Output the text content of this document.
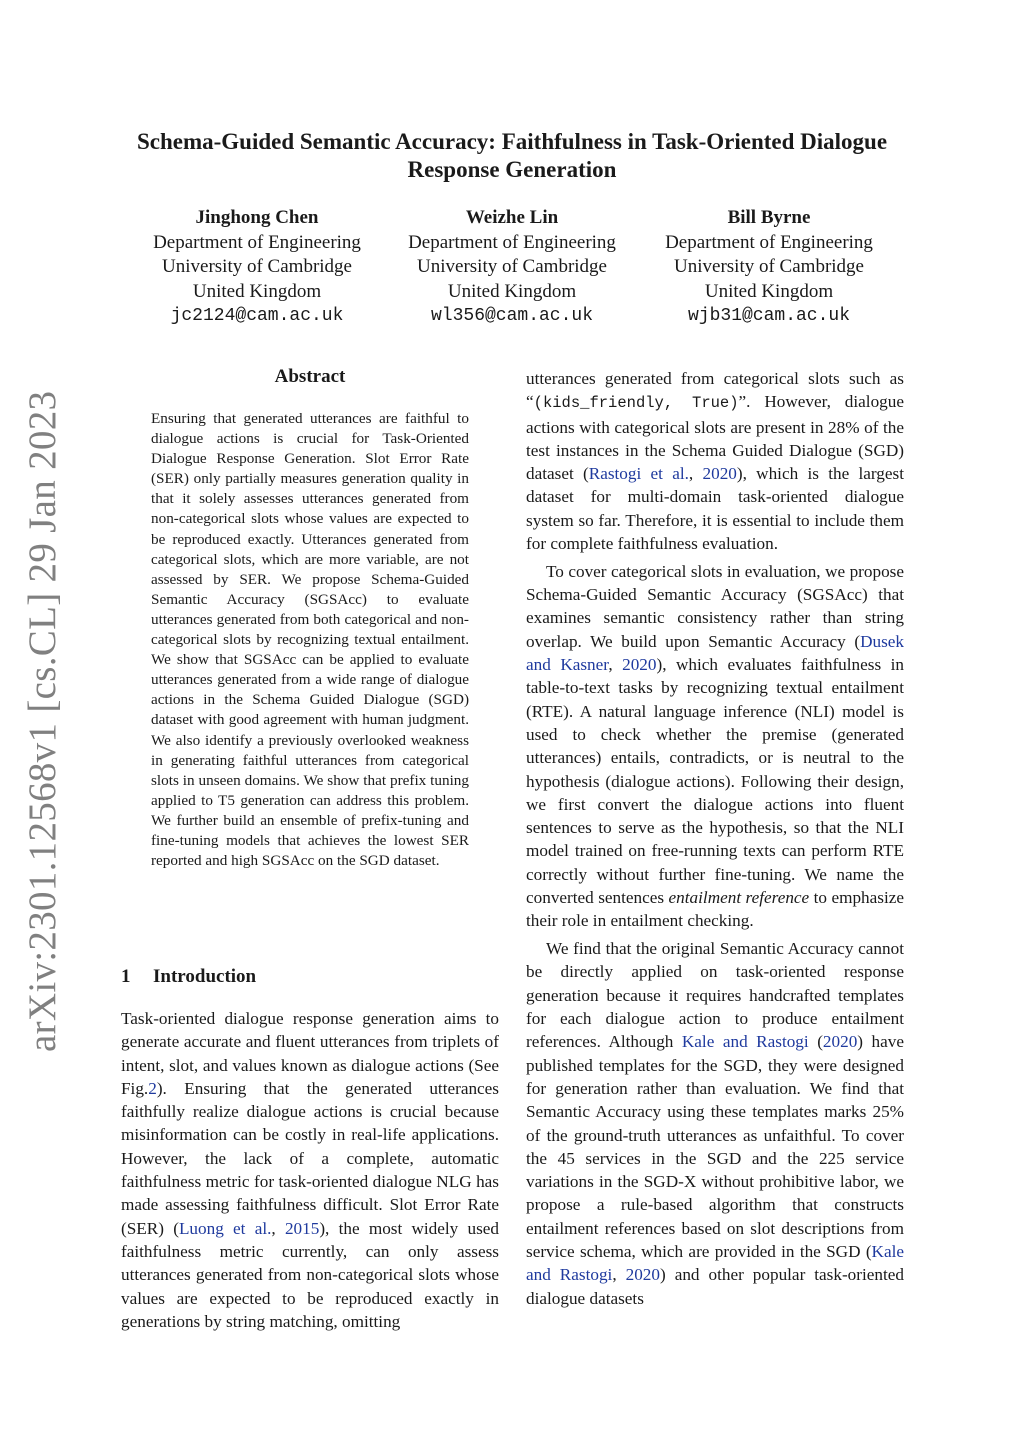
Schema-Guided Semantic Accuracy: Faithfulness in Task-Oriented Dialogue Response Generation
Jinghong Chen
Department of Engineering
University of Cambridge
United Kingdom
jc2124@cam.ac.uk
Weizhe Lin
Department of Engineering
University of Cambridge
United Kingdom
wl356@cam.ac.uk
Bill Byrne
Department of Engineering
University of Cambridge
United Kingdom
wjb31@cam.ac.uk
arXiv:2301.12568v1 [cs.CL] 29 Jan 2023
Abstract
Ensuring that generated utterances are faithful to dialogue actions is crucial for Task-Oriented Dialogue Response Generation. Slot Error Rate (SER) only partially measures generation quality in that it solely assesses utterances generated from non-categorical slots whose values are expected to be reproduced exactly. Utterances generated from categorical slots, which are more variable, are not assessed by SER. We propose Schema-Guided Semantic Accuracy (SGSAcc) to evaluate utterances generated from both categorical and non-categorical slots by recognizing textual entailment. We show that SGSAcc can be applied to evaluate utterances generated from a wide range of dialogue actions in the Schema Guided Dialogue (SGD) dataset with good agreement with human judgment. We also identify a previously overlooked weakness in generating faithful utterances from categorical slots in unseen domains. We show that prefix tuning applied to T5 generation can address this problem. We further build an ensemble of prefix-tuning and fine-tuning models that achieves the lowest SER reported and high SGSAcc on the SGD dataset.
1 Introduction

Task-oriented dialogue response generation aims to generate accurate and fluent utterances from triplets of intent, slot, and values known as dialogue actions (See Fig.2). Ensuring that the generated utterances faithfully realize dialogue actions is crucial because misinformation can be costly in real-life applications. However, the lack of a complete, automatic faithfulness metric for task-oriented dialogue NLG has made assessing faithfulness difficult. Slot Error Rate (SER) (Luong et al., 2015), the most widely used faithfulness metric currently, can only assess utterances generated from non-categorical slots whose values are expected to be reproduced exactly in generations by string matching, omitting

utterances generated from categorical slots such as “(kids_friendly, True)”. However, dialogue actions with categorical slots are present in 28% of the test instances in the Schema Guided Dialogue (SGD) dataset (Rastogi et al., 2020), which is the largest dataset for multi-domain task-oriented dialogue system so far. Therefore, it is essential to include them for complete faithfulness evaluation.

To cover categorical slots in evaluation, we propose Schema-Guided Semantic Accuracy (SGSAcc) that examines semantic consistency rather than string overlap. We build upon Semantic Accuracy (Dusek and Kasner, 2020), which evaluates faithfulness in table-to-text tasks by recognizing textual entailment (RTE). A natural language inference (NLI) model is used to check whether the premise (generated utterances) entails, contradicts, or is neutral to the hypothesis (dialogue actions). Following their design, we first convert the dialogue actions into fluent sentences to serve as the hypothesis, so that the NLI model trained on free-running texts can perform RTE correctly without further fine-tuning. We name the converted sentences entailment reference to emphasize their role in entailment checking.

We find that the original Semantic Accuracy cannot be directly applied on task-oriented response generation because it requires handcrafted templates for each dialogue action to produce entailment references. Although Kale and Rastogi (2020) have published templates for the SGD, they were designed for generation rather than evaluation. We find that Semantic Accuracy using these templates marks 25% of the ground-truth utterances as unfaithful. To cover the 45 services in the SGD and the 225 service variations in the SGD-X without prohibitive labor, we propose a rule-based algorithm that constructs entailment references based on slot descriptions from service schema, which are provided in the SGD (Kale and Rastogi, 2020) and other popular task-oriented dialogue datasets
